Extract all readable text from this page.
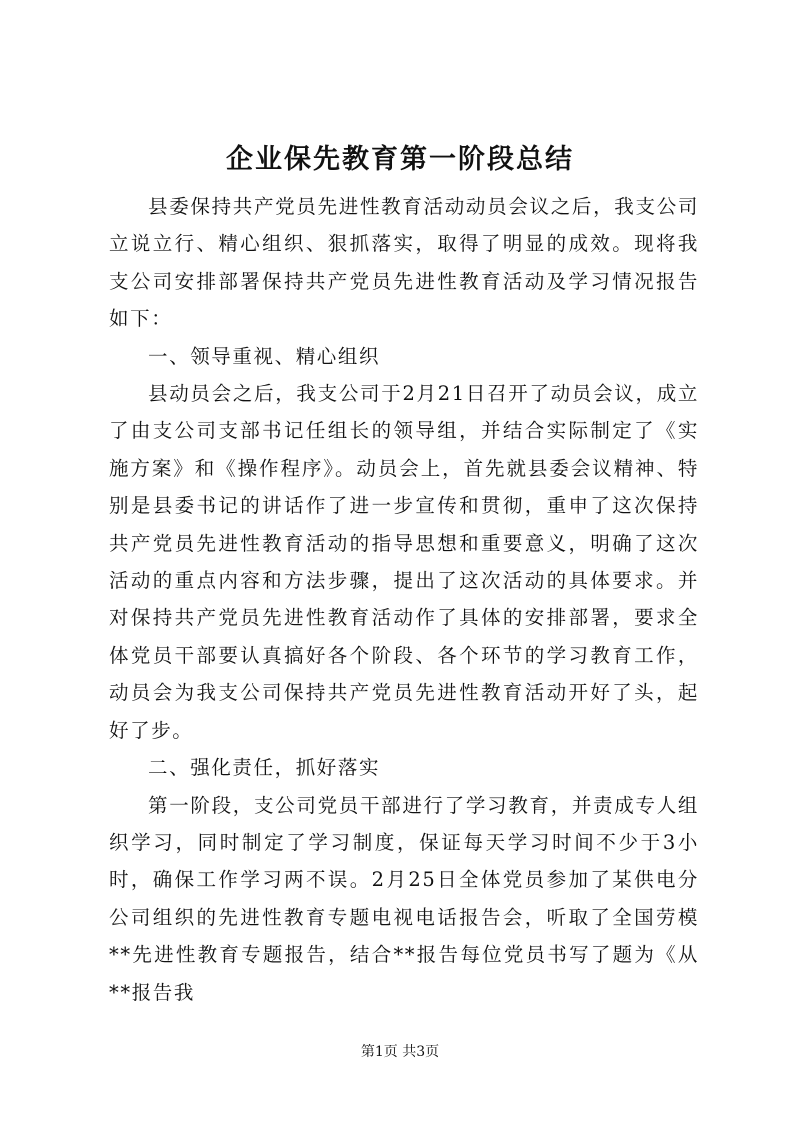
企业保先教育第一阶段总结

县委保持共产党员先进性教育活动动员会议之后，我支公司立说立行、精心组织、狠抓落实，取得了明显的成效。现将我支公司安排部署保持共产党员先进性教育活动及学习情况报告如下：

一、领导重视、精心组织

县动员会之后，我支公司于2月21日召开了动员会议，成立了由支公司支部书记任组长的领导组，并结合实际制定了《实施方案》和《操作程序》。动员会上，首先就县委会议精神、特别是县委书记的讲话作了进一步宣传和贯彻，重申了这次保持共产党员先进性教育活动的指导思想和重要意义，明确了这次活动的重点内容和方法步骤，提出了这次活动的具体要求。并对保持共产党员先进性教育活动作了具体的安排部署，要求全体党员干部要认真搞好各个阶段、各个环节的学习教育工作，动员会为我支公司保持共产党员先进性教育活动开好了头，起好了步。

二、强化责任，抓好落实

第一阶段，支公司党员干部进行了学习教育，并责成专人组织学习，同时制定了学习制度，保证每天学习时间不少于3小时，确保工作学习两不误。2月25日全体党员参加了某供电分公司组织的先进性教育专题电视电话报告会，听取了全国劳模**先进性教育专题报告，结合**报告每位党员书写了题为《从**报告我

第1页 共3页
